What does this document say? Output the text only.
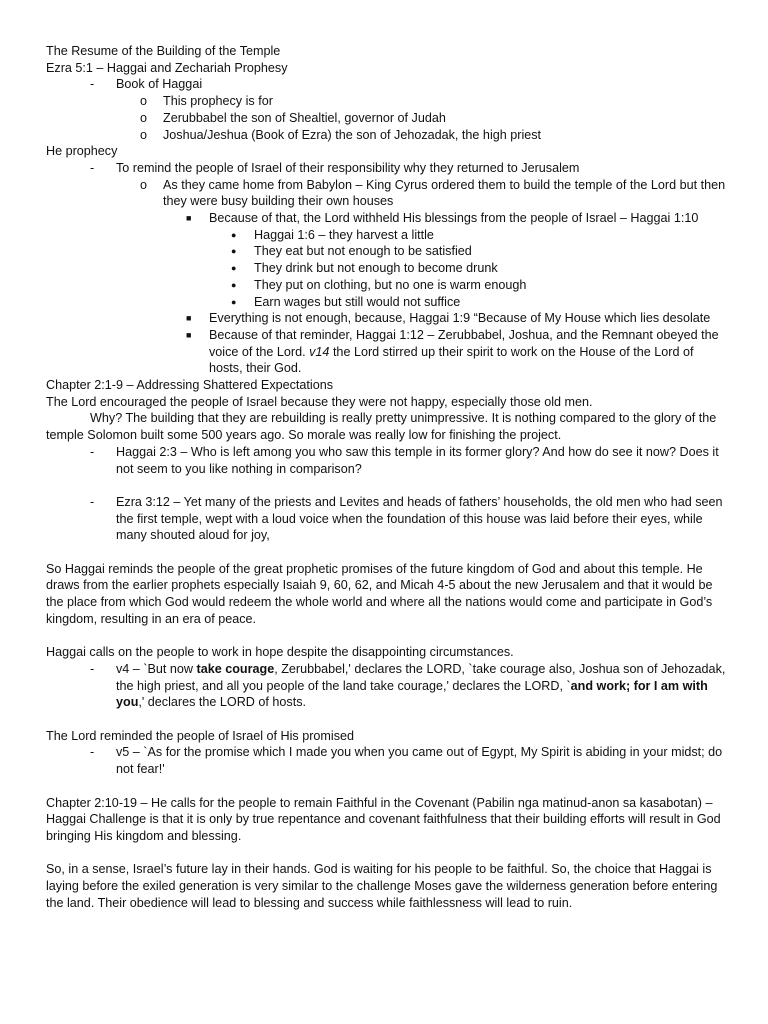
The Resume of the Building of the Temple

Ezra 5:1 – Haggai and Zechariah Prophesy

-	Book of Haggai
o	This prophecy is for
o	Zerubbabel the son of Shealtiel, governor of Judah
o	Joshua/Jeshua (Book of Ezra) the son of Jehozadak, the high priest

He prophecy

-	To remind the people of Israel of their responsibility why they returned to Jerusalem
o	As they came home from Babylon – King Cyrus ordered them to build the temple of the Lord but then they were busy building their own houses
■	Because of that, the Lord withheld His blessings from the people of Israel – Haggai 1:10
●	Haggai 1:6 – they harvest a little
●	They eat but not enough to be satisfied
●	They drink but not enough to become drunk
●	They put on clothing, but no one is warm enough
●	Earn wages but still would not suffice
■	Everything is not enough, because, Haggai 1:9 “Because of My House which lies desolate
■	Because of that reminder, Haggai 1:12 – Zerubbabel, Joshua, and the Remnant obeyed the voice of the Lord. v14 the Lord stirred up their spirit to work on the House of the Lord of hosts, their God.

Chapter 2:1-9 – Addressing Shattered Expectations

The Lord encouraged the people of Israel because they were not happy, especially those old men.

Why? The building that they are rebuilding is really pretty unimpressive. It is nothing compared to the glory of the temple Solomon built some 500 years ago. So morale was really low for finishing the project.

-	Haggai 2:3 – Who is left among you who saw this temple in its former glory? And how do see it now? Does it not seem to you like nothing in comparison?
-	Ezra 3:12 – Yet many of the priests and Levites and heads of fathers’ households, the old men who had seen the first temple, wept with a loud voice when the foundation of this house was laid before their eyes, while many shouted aloud for joy,

So Haggai reminds the people of the great prophetic promises of the future kingdom of God and about this temple. He draws from the earlier prophets especially Isaiah 9, 60, 62, and Micah 4-5 about the new Jerusalem and that it would be the place from which God would redeem the whole world and where all the nations would come and participate in God’s kingdom, resulting in an era of peace.

Haggai calls on the people to work in hope despite the disappointing circumstances.

-	v4 – `But now take courage, Zerubbabel,' declares the LORD, `take courage also, Joshua son of Jehozadak, the high priest, and all you people of the land take courage,' declares the LORD, `and work; for I am with you,' declares the LORD of hosts.

The Lord reminded the people of Israel of His promised

-	v5 – `As for the promise which I made you when you came out of Egypt, My Spirit is abiding in your midst; do not fear!'

Chapter 2:10-19 – He calls for the people to remain Faithful in the Covenant (Pabilin nga matinud-anon sa kasabotan) – Haggai Challenge is that it is only by true repentance and covenant faithfulness that their building efforts will result in God bringing His kingdom and blessing.

So, in a sense, Israel’s future lay in their hands. God is waiting for his people to be faithful. So, the choice that Haggai is laying before the exiled generation is very similar to the challenge Moses gave the wilderness generation before entering the land. Their obedience will lead to blessing and success while faithlessness will lead to ruin.
